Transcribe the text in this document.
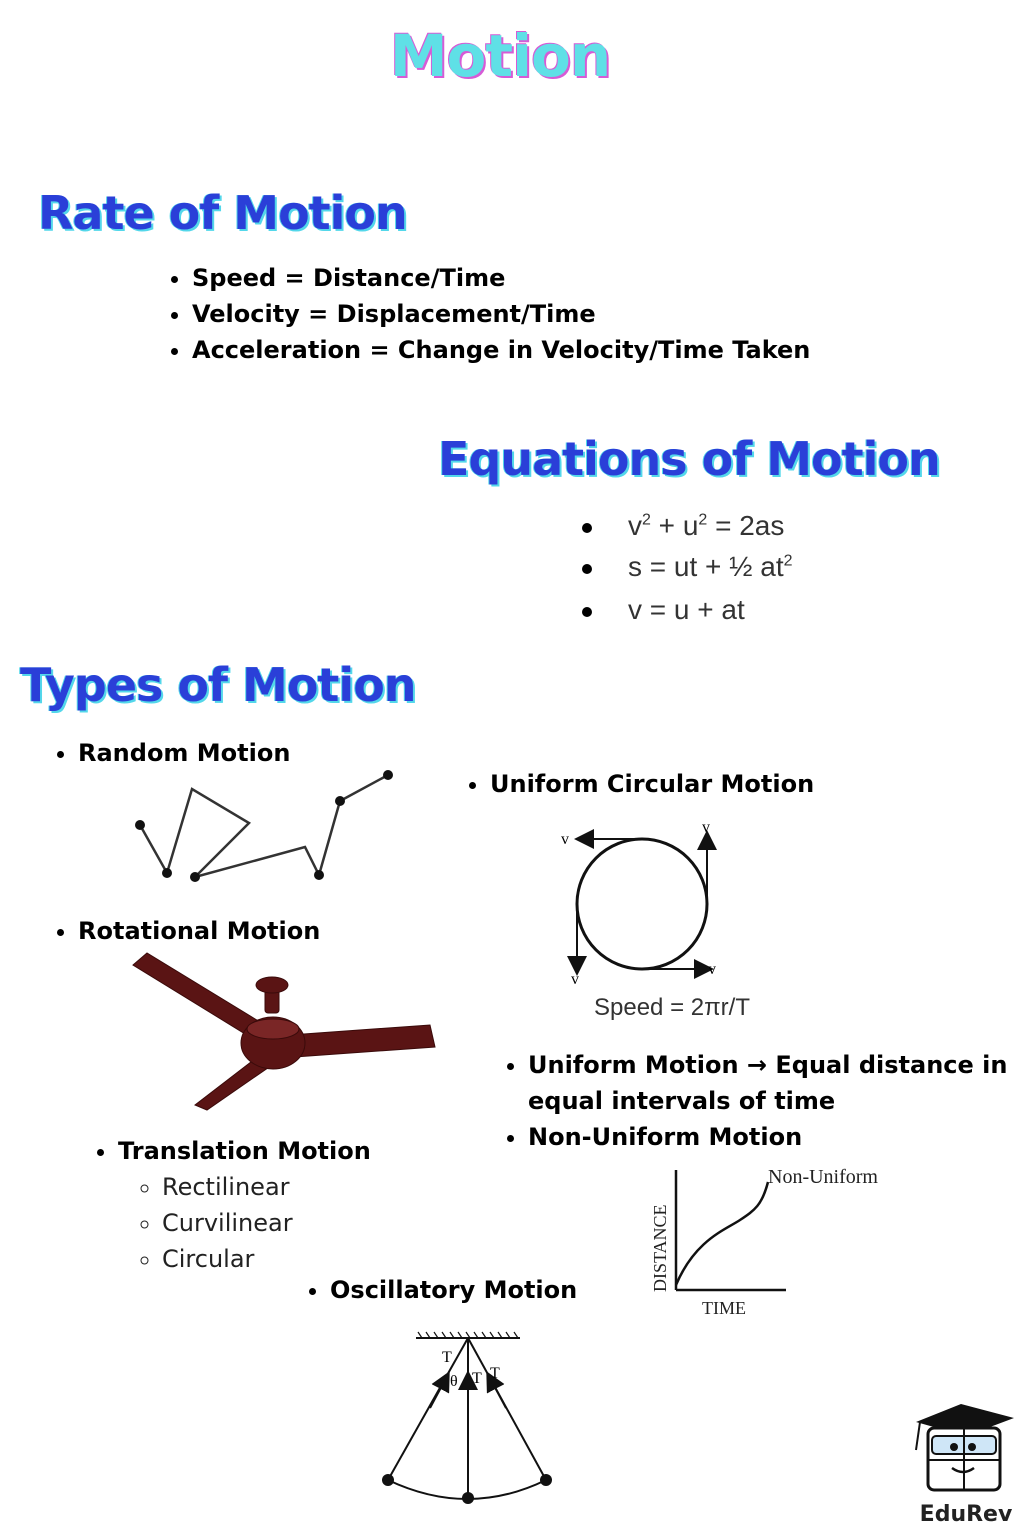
Motion
Rate of Motion
• Speed = Distance/Time
• Velocity = Displacement/Time
• Acceleration = Change in Velocity/Time Taken
Equations of Motion
$v^2 + u^2 = 2as$
s = ut + ½ $at^2$
v = u + at
Types of Motion
• Random Motion
• Uniform Circular Motion
v
v
v
v
Speed = 2πr/T
• Rotational Motion
• Uniform Motion → Equal distance in
equal intervals of time
• Non-Uniform Motion
Non-Uniform
DISTANCE
TIME
• Translation Motion
◦ Rectilinear
◦ Curvilinear
◦ Circular
• Oscillatory Motion
T
T T
θ
EduRev
